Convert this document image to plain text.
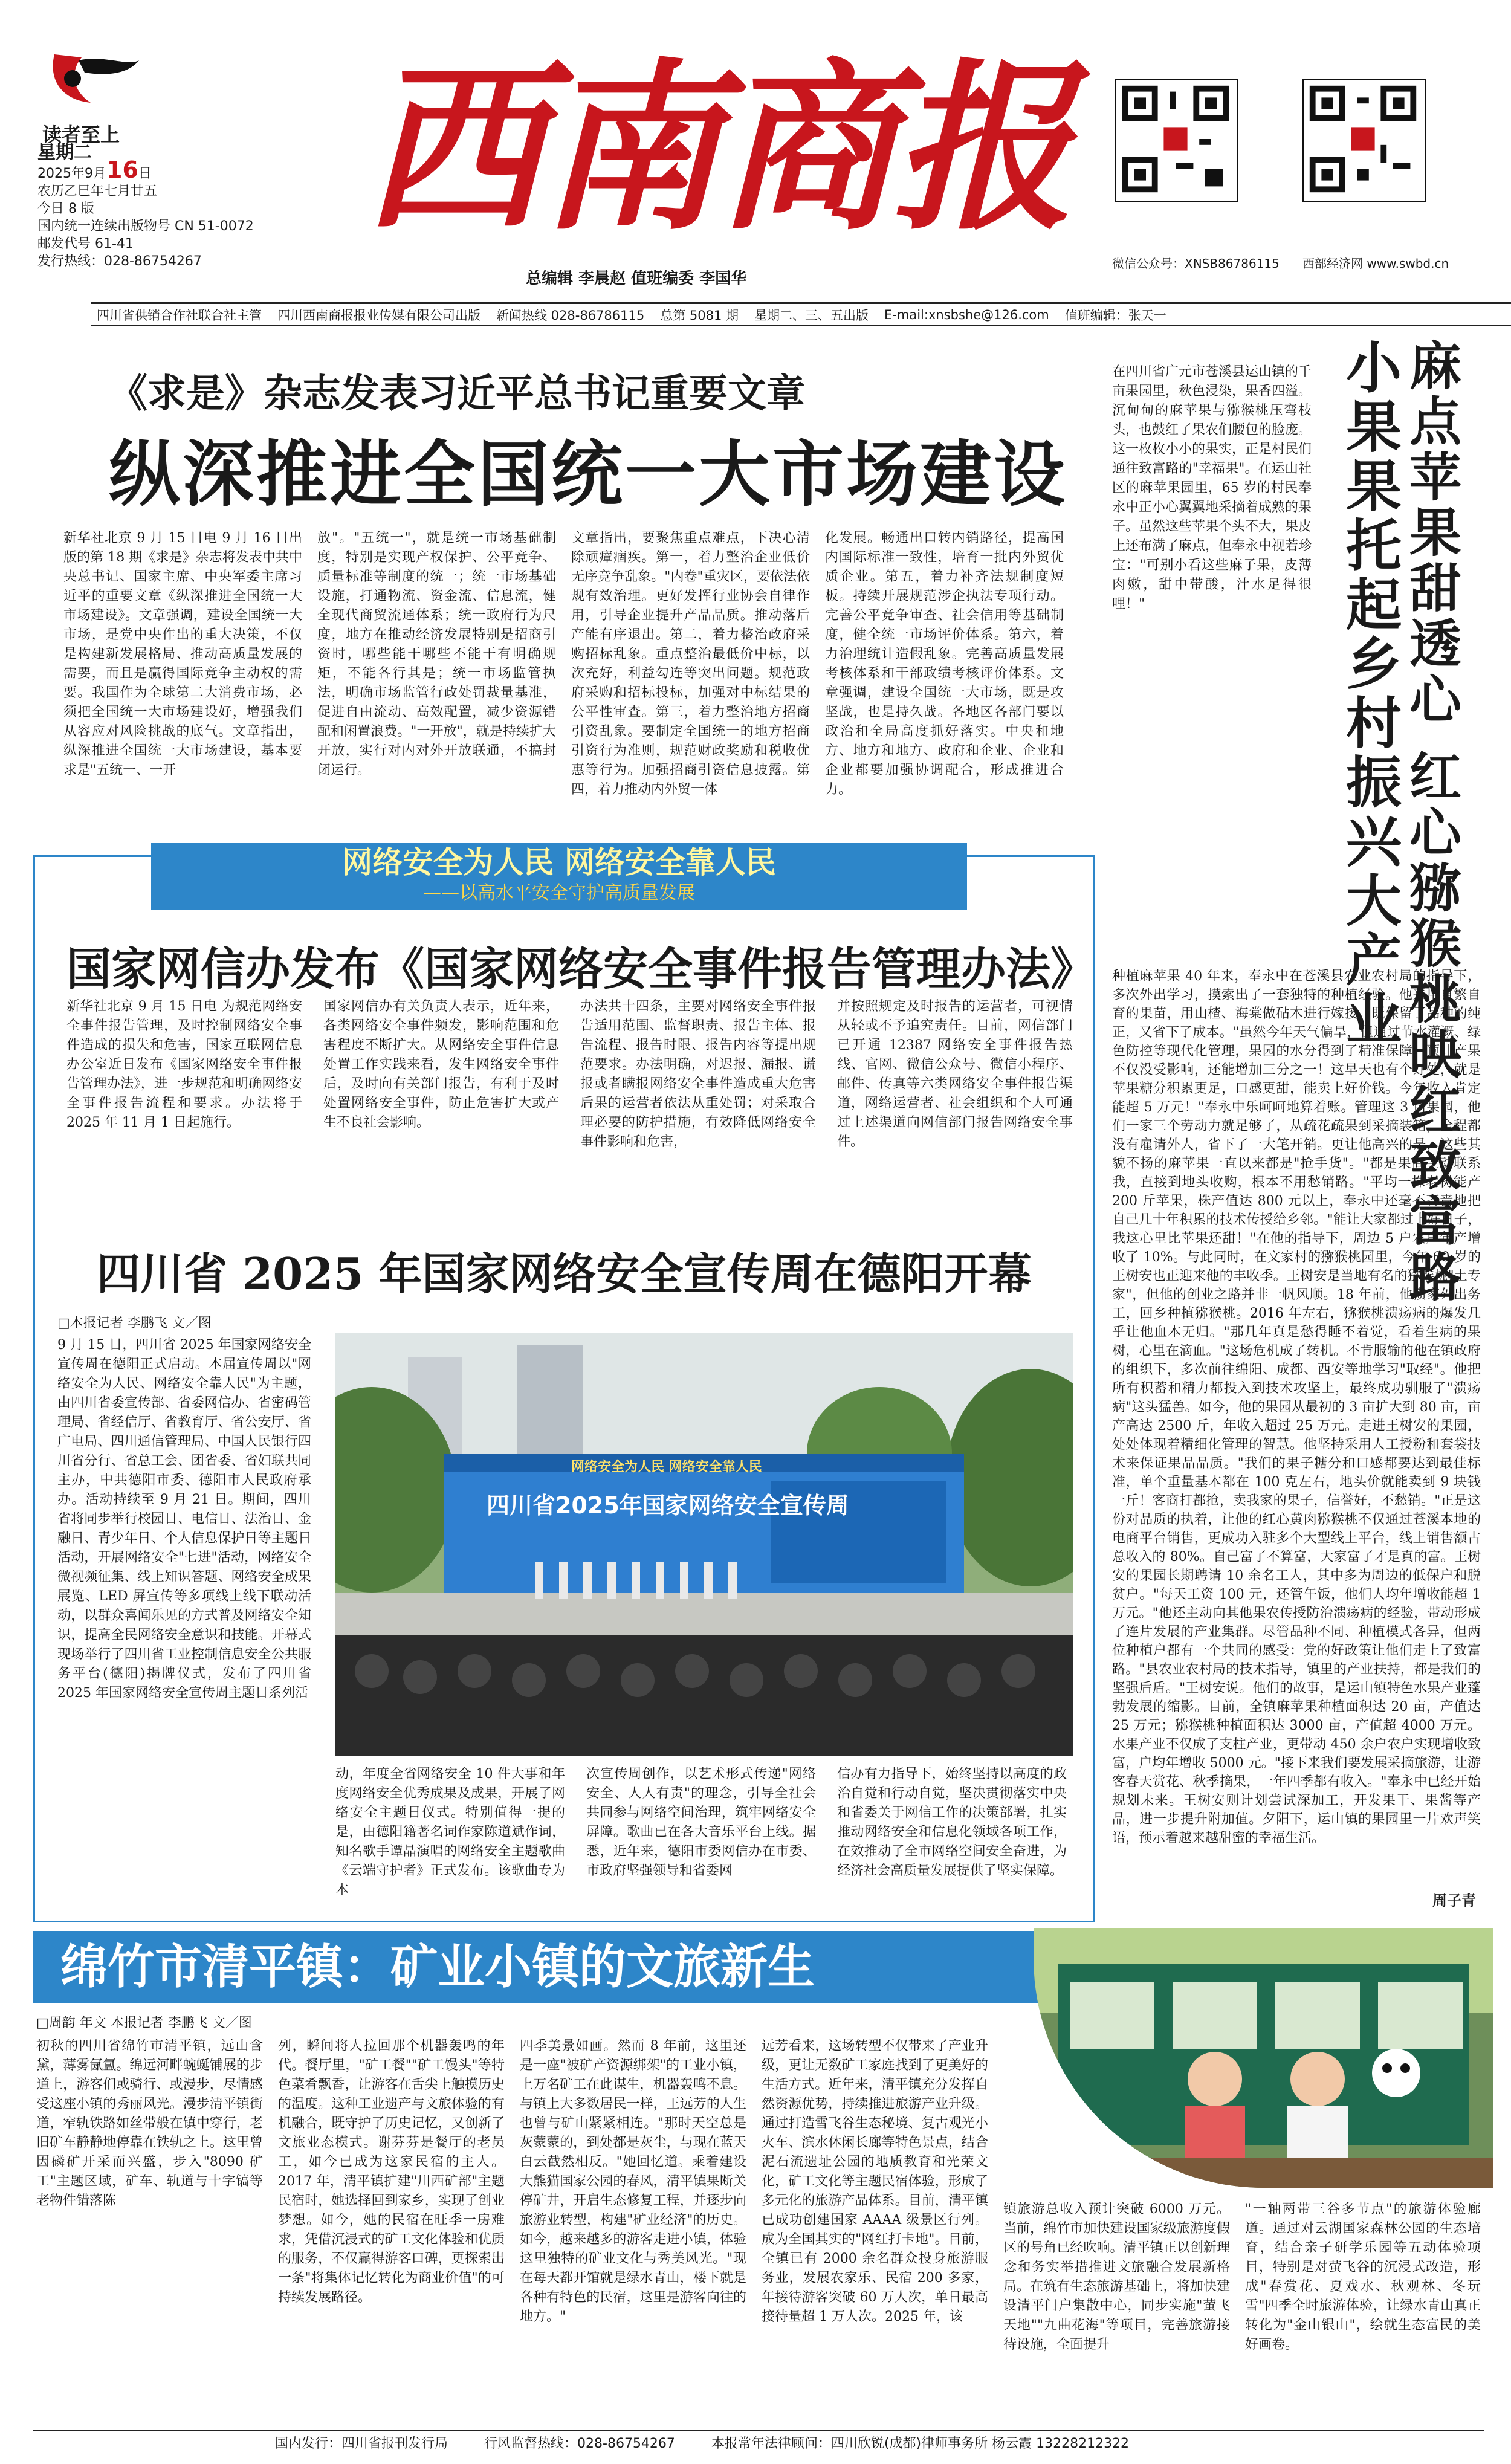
读者至上
星期二
2025年9月16日
农历乙巳年七月廿五
今日 8 版
国内统一连续出版物号 CN 51-0072
邮发代号 61-41
发行热线：028-86754267
西南商报
总编辑 李晨赵 值班编委 李国华
微信公众号：XNSB86786115 西部经济网 www.swbd.cn
四川省供销合作社联合社主管 四川西南商报报业传媒有限公司出版 新闻热线 028-86786115 总第 5081 期 星期二、三、五出版 E-mail:xnsbshe@126.com 值班编辑：张天一
《求是》杂志发表习近平总书记重要文章
纵深推进全国统一大市场建设
新华社北京 9 月 15 日电 9 月 16 日出版的第 18 期《求是》杂志将发表中共中央总书记、国家主席、中央军委主席习近平的重要文章《纵深推进全国统一大市场建设》。文章强调，建设全国统一大市场，是党中央作出的重大决策，不仅是构建新发展格局、推动高质量发展的需要，而且是赢得国际竞争主动权的需要。我国作为全球第二大消费市场，必须把全国统一大市场建设好，增强我们从容应对风险挑战的底气。文章指出，纵深推进全国统一大市场建设，基本要求是"五统一、一开
放"。"五统一"，就是统一市场基础制度，特别是实现产权保护、公平竞争、质量标准等制度的统一；统一市场基础设施，打通物流、资金流、信息流，健全现代商贸流通体系；统一政府行为尺度，地方在推动经济发展特别是招商引资时，哪些能干哪些不能干有明确规矩，不能各行其是；统一市场监管执法，明确市场监管行政处罚裁量基准，促进自由流动、高效配置，减少资源错配和闲置浪费。"一开放"，就是持续扩大开放，实行对内对外开放联通，不搞封闭运行。
文章指出，要聚焦重点难点，下决心清除顽瘴痼疾。第一，着力整治企业低价无序竞争乱象。"内卷"重灾区，要依法依规有效治理。更好发挥行业协会自律作用，引导企业提升产品品质。推动落后产能有序退出。第二，着力整治政府采购招标乱象。重点整治最低价中标，以次充好，利益勾连等突出问题。规范政府采购和招标投标，加强对中标结果的公平性审查。第三，着力整治地方招商引资乱象。要制定全国统一的地方招商引资行为准则，规范财政奖励和税收优惠等行为。加强招商引资信息披露。第四，着力推动内外贸一体
化发展。畅通出口转内销路径，提高国内国际标准一致性，培育一批内外贸优质企业。第五，着力补齐法规制度短板。持续开展规范涉企执法专项行动。完善公平竞争审查、社会信用等基础制度，健全统一市场评价体系。第六，着力治理统计造假乱象。完善高质量发展考核体系和干部政绩考核评价体系。文章强调，建设全国统一大市场，既是攻坚战，也是持久战。各地区各部门要以政治和全局高度抓好落实。中央和地方、地方和地方、政府和企业、企业和企业都要加强协调配合，形成推进合力。
网络安全为人民 网络安全靠人民
——以高水平安全守护高质量发展
国家网信办发布《国家网络安全事件报告管理办法》
新华社北京 9 月 15 日电 为规范网络安全事件报告管理，及时控制网络安全事件造成的损失和危害，国家互联网信息办公室近日发布《国家网络安全事件报告管理办法》，进一步规范和明确网络安全事件报告流程和要求。办法将于 2025 年 11 月 1 日起施行。
国家网信办有关负责人表示，近年来，各类网络安全事件频发，影响范围和危害程度不断扩大。从网络安全事件信息处置工作实践来看，发生网络安全事件后，及时向有关部门报告，有利于及时处置网络安全事件，防止危害扩大或产生不良社会影响。
办法共十四条，主要对网络安全事件报告适用范围、监督职责、报告主体、报告流程、报告时限、报告内容等提出规范要求。办法明确，对迟报、漏报、谎报或者瞒报网络安全事件造成重大危害后果的运营者依法从重处罚；对采取合理必要的防护措施，有效降低网络安全事件影响和危害，
并按照规定及时报告的运营者，可视情从轻或不予追究责任。目前，网信部门已开通 12387 网络安全事件报告热线、官网、微信公众号、微信小程序、邮件、传真等六类网络安全事件报告渠道，网络运营者、社会组织和个人可通过上述渠道向网信部门报告网络安全事件。
四川省 2025 年国家网络安全宣传周在德阳开幕
□本报记者 李鹏飞 文／图
9 月 15 日，四川省 2025 年国家网络安全宣传周在德阳正式启动。本届宣传周以"网络安全为人民、网络安全靠人民"为主题，由四川省委宣传部、省委网信办、省密码管理局、省经信厅、省教育厅、省公安厅、省广电局、四川通信管理局、中国人民银行四川省分行、省总工会、团省委、省妇联共同主办，中共德阳市委、德阳市人民政府承办。活动持续至 9 月 21 日。期间，四川省将同步举行校园日、电信日、法治日、金融日、青少年日、个人信息保护日等主题日活动，开展网络安全"七进"活动，网络安全微视频征集、线上知识答题、网络安全成果展览、LED 屏宣传等多项线上线下联动活动，以群众喜闻乐见的方式普及网络安全知识，提高全民网络安全意识和技能。开幕式现场举行了四川省工业控制信息安全公共服务平台(德阳)揭牌仪式，发布了四川省 2025 年国家网络安全宣传周主题日系列活
网络安全为人民 网络安全靠人民
四川省2025年国家网络安全宣传周
动，年度全省网络安全 10 件大事和年度网络安全优秀成果及成果，开展了网络安全主题日仪式。特别值得一提的是，由德阳籍著名词作家陈道斌作词，知名歌手谭晶演唱的网络安全主题歌曲《云端守护者》正式发布。该歌曲专为本
次宣传周创作，以艺术形式传递"网络安全、人人有责"的理念，引导全社会共同参与网络空间治理，筑牢网络安全屏障。歌曲已在各大音乐平台上线。据悉，近年来，德阳市委网信办在市委、市政府坚强领导和省委网
信办有力指导下，始终坚持以高度的政治自觉和行动自觉，坚决贯彻落实中央和省委关于网信工作的决策部署，扎实推动网络安全和信息化领域各项工作，在效推动了全市网络空间安全奋进，为经济社会高质量发展提供了坚实保障。
麻点苹果甜透心 红心猕猴桃映红致富路
小果果托起乡村振兴大产业
在四川省广元市苍溪县运山镇的千亩果园里，秋色浸染，果香四溢。沉甸甸的麻苹果与猕猴桃压弯枝头，也鼓红了果农们腰包的脸庞。这一枚枚小小的果实，正是村民们通往致富路的"幸福果"。在运山社区的麻苹果园里，65 岁的村民奉永中正小心翼翼地采摘着成熟的果子。虽然这些苹果个头不大，果皮上还布满了麻点，但奉永中视若珍宝："可别小看这些麻子果，皮薄肉嫩，甜中带酸，汁水足得很哩！"
种植麻苹果 40 年来，奉永中在苍溪县农业农村局的指导下，多次外出学习，摸索出了一套独特的种植经验。他采用自繁自育的果苗，用山楂、海棠做砧木进行嫁接，既保留了品种的纯正，又省下了成本。"虽然今年天气偏旱，但通过节水灌溉、绿色防控等现代化管理，果园的水分得到了精准保障，预计产果不仅没受影响，还能增加三分之一！这早天也有个好处，就是苹果糖分积累更足，口感更甜，能卖上好价钱。今年收入肯定能超 5 万元！"奉永中乐呵呵地算着账。管理这 3 亩果园，他们一家三个劳动力就足够了，从疏花疏果到采摘装箱，全程都没有雇请外人，省下了一大笔开销。更让他高兴的是，这些其貌不扬的麻苹果一直以来都是"抢手货"。"都是果商主动联系我，直接到地头收购，根本不用愁销路。"平均一株老树能产 200 斤苹果，株产值达 800 元以上，奉永中还毫不吝啬地把自己几十年积累的技术传授给乡邻。"能让大家都过上好日子，我这心里比苹果还甜！"在他的指导下，周边 5 户农户年产增收了 10%。与此同时，在文家村的猕猴桃园里，今年 60 岁的王树安也正迎来他的丰收季。王树安是当地有名的猕猴桃"土专家"，但他的创业之路并非一帆风顺。18 年前，他攒家外出务工，回乡种植猕猴桃。2016 年左右，猕猴桃溃疡病的爆发几乎让他血本无归。"那几年真是愁得睡不着觉，看着生病的果树，心里在滴血。"这场危机成了转机。不肯服输的他在镇政府的组织下，多次前往绵阳、成都、西安等地学习"取经"。他把所有积蓄和精力都投入到技术攻坚上，最终成功驯服了"溃疡病"这头猛兽。如今，他的果园从最初的 3 亩扩大到 80 亩，亩产高达 2500 斤，年收入超过 25 万元。走进王树安的果园，处处体现着精细化管理的智慧。他坚持采用人工授粉和套袋技术来保证果品品质。"我们的果子糖分和口感都要达到最佳标准，单个重量基本都在 100 克左右，地头价就能卖到 9 块钱一斤！客商打都抢，卖我家的果子，信誉好，不愁销。"正是这份对品质的执着，让他的红心黄肉猕猴桃不仅通过苍溪本地的电商平台销售，更成功入驻多个大型线上平台，线上销售额占总收入的 80%。自己富了不算富，大家富了才是真的富。王树安的果园长期聘请 10 余名工人，其中多为周边的低保户和脱贫户。"每天工资 100 元，还管午饭，他们人均年增收能超 1 万元。"他还主动向其他果农传授防治溃疡病的经验，带动形成了连片发展的产业集群。尽管品种不同、种植模式各异，但两位种植户都有一个共同的感受：党的好政策让他们走上了致富路。"县农业农村局的技术指导，镇里的产业扶持，都是我们的坚强后盾。"王树安说。他们的故事，是运山镇特色水果产业蓬勃发展的缩影。目前，全镇麻苹果种植面积达 20 亩，产值达 25 万元；猕猴桃种植面积达 3000 亩，产值超 4000 万元。水果产业不仅成了支柱产业，更带动 450 余户农户实现增收致富，户均年增收 5000 元。"接下来我们要发展采摘旅游，让游客春天赏花、秋季摘果，一年四季都有收入。"奉永中已经开始规划未来。王树安则计划尝试深加工，开发果干、果酱等产品，进一步提升附加值。夕阳下，运山镇的果园里一片欢声笑语，预示着越来越甜蜜的幸福生活。
周子青
绵竹市清平镇：矿业小镇的文旅新生
□周韵 年文 本报记者 李鹏飞 文／图
初秋的四川省绵竹市清平镇，远山含黛，薄雾氤氲。绵远河畔蜿蜒铺展的步道上，游客们或骑行、或漫步，尽情感受这座小镇的秀丽风光。漫步清平镇街道，窄轨铁路如丝带般在镇中穿行，老旧矿车静静地停靠在铁轨之上。这里曾因磷矿开采而兴盛，步入"8090 矿工"主题区域，矿车、轨道与十字镐等老物件错落陈
列，瞬间将人拉回那个机器轰鸣的年代。餐厅里，"矿工餐""矿工馒头"等特色菜肴飘香，让游客在舌尖上触摸历史的温度。这种工业遗产与文旅体验的有机融合，既守护了历史记忆，又创新了文旅业态模式。谢芬芬是餐厅的老员工，如今已成为这家民宿的主人。2017 年，清平镇扩建"川西矿部"主题民宿时，她选择回到家乡，实现了创业梦想。如今，她的民宿在旺季一房难求，凭借沉浸式的矿工文化体验和优质的服务，不仅赢得游客口碑，更探索出一条"将集体记忆转化为商业价值"的可持续发展路径。
四季美景如画。然而 8 年前，这里还是一座"被矿产资源绑架"的工业小镇，上万名矿工在此谋生，机器轰鸣不息。与镇上大多数居民一样，王远芳的人生也曾与矿山紧紧相连。"那时天空总是灰蒙蒙的，到处都是灰尘，与现在蓝天白云截然相反。"她回忆道。乘着建设大熊猫国家公园的春风，清平镇果断关停矿井，开启生态修复工程，并逐步向旅游业转型，构建"矿业经济"的历史。如今，越来越多的游客走进小镇，体验这里独特的矿业文化与秀美风光。"现在每天都开馆就是绿水青山，楼下就是各种有特色的民宿，这里是游客向往的地方。"
远芳看来，这场转型不仅带来了产业升级，更让无数矿工家庭找到了更美好的生活方式。近年来，清平镇充分发挥自然资源优势，持续推进旅游产业升级。通过打造雪飞谷生态秘境、复古观光小火车、滨水休闲长廊等特色景点，结合泥石流遗址公园的地质教育和光荣文化，矿工文化等主题民宿体验，形成了多元化的旅游产品体系。目前，清平镇已成功创建国家 AAAA 级景区行列。成为全国其实的"网红打卡地"。目前，全镇已有 2000 余名群众投身旅游服务业，发展农家乐、民宿 200 多家，年接待游客突破 60 万人次，单日最高接待量超 1 万人次。2025 年，该
镇旅游总收入预计突破 6000 万元。当前，绵竹市加快建设国家级旅游度假区的号角已经吹响。清平镇正以创新理念和务实举措推进文旅融合发展新格局。在筑有生态旅游基础上，将加快建设清平门户集散中心，同步实施"萤飞天地""九曲花海"等项目，完善旅游接待设施，全面提升
"一轴两带三谷多节点"的旅游体验廊道。通过对云湖国家森林公园的生态培育，结合亲子研学乐园等五动体验项目，特别是对萤飞谷的沉浸式改造，形成"春赏花、夏戏水、秋观林、冬玩雪"四季全时旅游体验，让绿水青山真正转化为"金山银山"，绘就生态富民的美好画卷。
国内发行：四川省报刊发行局	行风监督热线：028-86754267	本报常年法律顾问：四川欣锐(成都)律师事务所 杨云霞 13228212322
